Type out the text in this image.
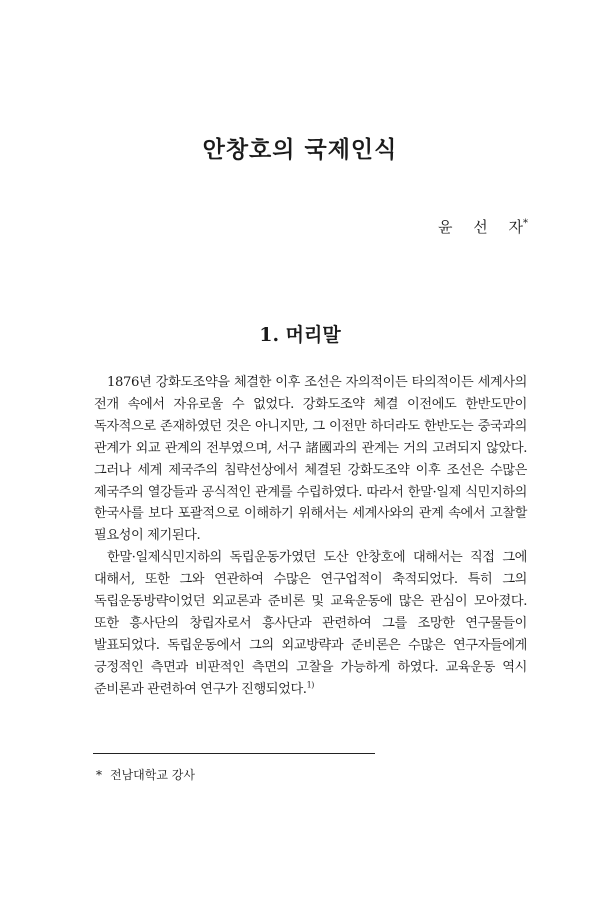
안창호의 국제인식

윤 선 자*

1. 머리말

1876년 강화도조약을 체결한 이후 조선은 자의적이든 타의적이든 세계사의 전개 속에서 자유로울 수 없었다. 강화도조약 체결 이전에도 한반도만이 독자적으로 존재하였던 것은 아니지만, 그 이전만 하더라도 한반도는 중국과의 관계가 외교 관계의 전부였으며, 서구 諸國과의 관계는 거의 고려되지 않았다. 그러나 세계 제국주의 침략선상에서 체결된 강화도조약 이후 조선은 수많은 제국주의 열강들과 공식적인 관계를 수립하였다. 따라서 한말·일제 식민지하의 한국사를 보다 포괄적으로 이해하기 위해서는 세계사와의 관계 속에서 고찰할 필요성이 제기된다.

한말·일제식민지하의 독립운동가였던 도산 안창호에 대해서는 직접 그에 대해서, 또한 그와 연관하여 수많은 연구업적이 축적되었다. 특히 그의 독립운동방략이었던 외교론과 준비론 및 교육운동에 많은 관심이 모아졌다. 또한 흥사단의 창립자로서 흥사단과 관련하여 그를 조망한 연구물들이 발표되었다. 독립운동에서 그의 외교방략과 준비론은 수많은 연구자들에게 긍정적인 측면과 비판적인 측면의 고찰을 가능하게 하였다. 교육운동 역시 준비론과 관련하여 연구가 진행되었다.$^{1)}$

* 전남대학교 강사
